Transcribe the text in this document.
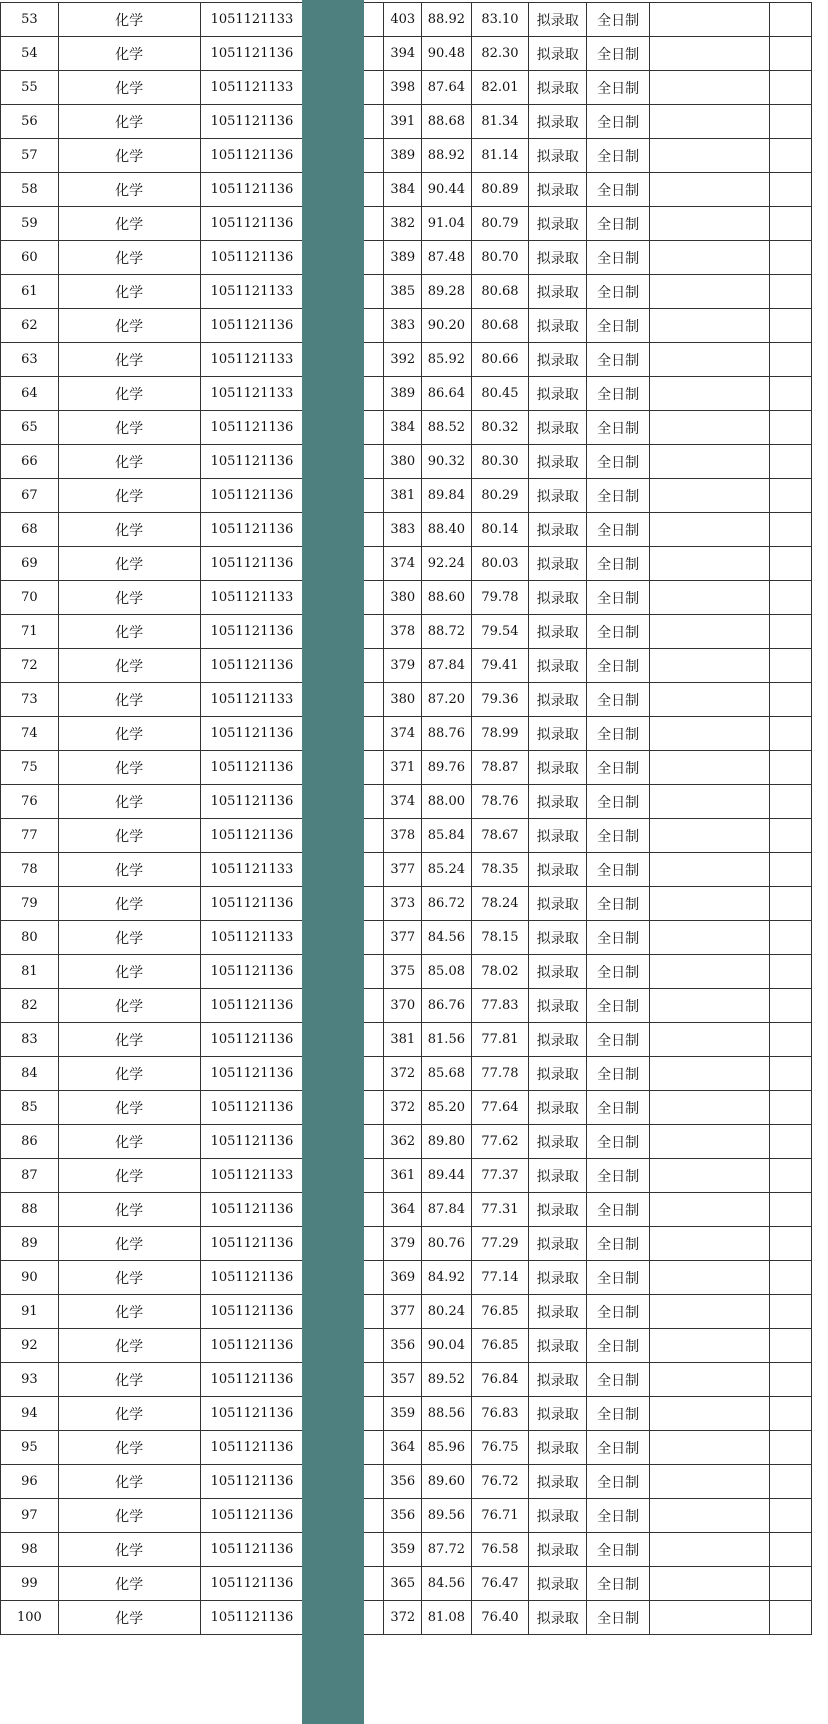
53	化学	1051121133		403	88.92	83.10	拟录取	全日制		
54	化学	1051121136		394	90.48	82.30	拟录取	全日制		
55	化学	1051121133		398	87.64	82.01	拟录取	全日制		
56	化学	1051121136		391	88.68	81.34	拟录取	全日制		
57	化学	1051121136		389	88.92	81.14	拟录取	全日制		
58	化学	1051121136		384	90.44	80.89	拟录取	全日制		
59	化学	1051121136		382	91.04	80.79	拟录取	全日制		
60	化学	1051121136		389	87.48	80.70	拟录取	全日制		
61	化学	1051121133		385	89.28	80.68	拟录取	全日制		
62	化学	1051121136		383	90.20	80.68	拟录取	全日制		
63	化学	1051121133		392	85.92	80.66	拟录取	全日制		
64	化学	1051121133		389	86.64	80.45	拟录取	全日制		
65	化学	1051121136		384	88.52	80.32	拟录取	全日制		
66	化学	1051121136		380	90.32	80.30	拟录取	全日制		
67	化学	1051121136		381	89.84	80.29	拟录取	全日制		
68	化学	1051121136		383	88.40	80.14	拟录取	全日制		
69	化学	1051121136		374	92.24	80.03	拟录取	全日制		
70	化学	1051121133		380	88.60	79.78	拟录取	全日制		
71	化学	1051121136		378	88.72	79.54	拟录取	全日制		
72	化学	1051121136		379	87.84	79.41	拟录取	全日制		
73	化学	1051121133		380	87.20	79.36	拟录取	全日制		
74	化学	1051121136		374	88.76	78.99	拟录取	全日制		
75	化学	1051121136		371	89.76	78.87	拟录取	全日制		
76	化学	1051121136		374	88.00	78.76	拟录取	全日制		
77	化学	1051121136		378	85.84	78.67	拟录取	全日制		
78	化学	1051121133		377	85.24	78.35	拟录取	全日制		
79	化学	1051121136		373	86.72	78.24	拟录取	全日制		
80	化学	1051121133		377	84.56	78.15	拟录取	全日制		
81	化学	1051121136		375	85.08	78.02	拟录取	全日制		
82	化学	1051121136		370	86.76	77.83	拟录取	全日制		
83	化学	1051121136		381	81.56	77.81	拟录取	全日制		
84	化学	1051121136		372	85.68	77.78	拟录取	全日制		
85	化学	1051121136		372	85.20	77.64	拟录取	全日制		
86	化学	1051121136		362	89.80	77.62	拟录取	全日制		
87	化学	1051121133		361	89.44	77.37	拟录取	全日制		
88	化学	1051121136		364	87.84	77.31	拟录取	全日制		
89	化学	1051121136		379	80.76	77.29	拟录取	全日制		
90	化学	1051121136		369	84.92	77.14	拟录取	全日制		
91	化学	1051121136		377	80.24	76.85	拟录取	全日制		
92	化学	1051121136		356	90.04	76.85	拟录取	全日制		
93	化学	1051121136		357	89.52	76.84	拟录取	全日制		
94	化学	1051121136		359	88.56	76.83	拟录取	全日制		
95	化学	1051121136		364	85.96	76.75	拟录取	全日制		
96	化学	1051121136		356	89.60	76.72	拟录取	全日制		
97	化学	1051121136		356	89.56	76.71	拟录取	全日制		
98	化学	1051121136		359	87.72	76.58	拟录取	全日制		
99	化学	1051121136		365	84.56	76.47	拟录取	全日制		
100	化学	1051121136		372	81.08	76.40	拟录取	全日制		
